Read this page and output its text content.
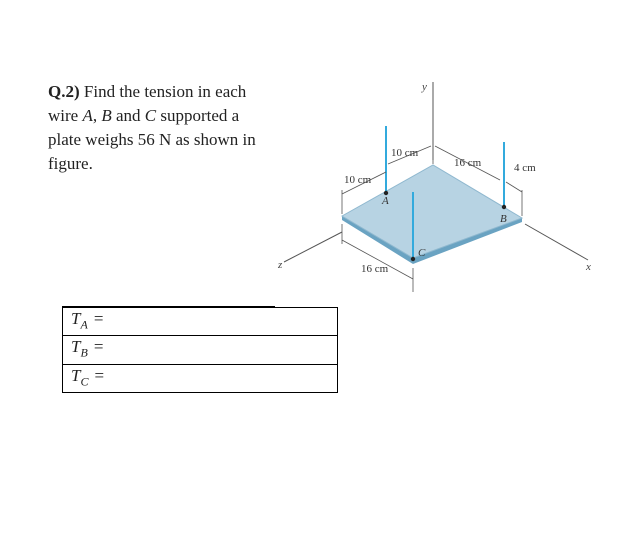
Q.2) Find the tension in each wire A, B and C supported a plate weighs 56 N as shown in figure.
y
z	x
A
B
C
10 cm
10 cm
16 cm	4 cm
16 cm
$T_A$ =
$T_B$ =
$T_C$ =
